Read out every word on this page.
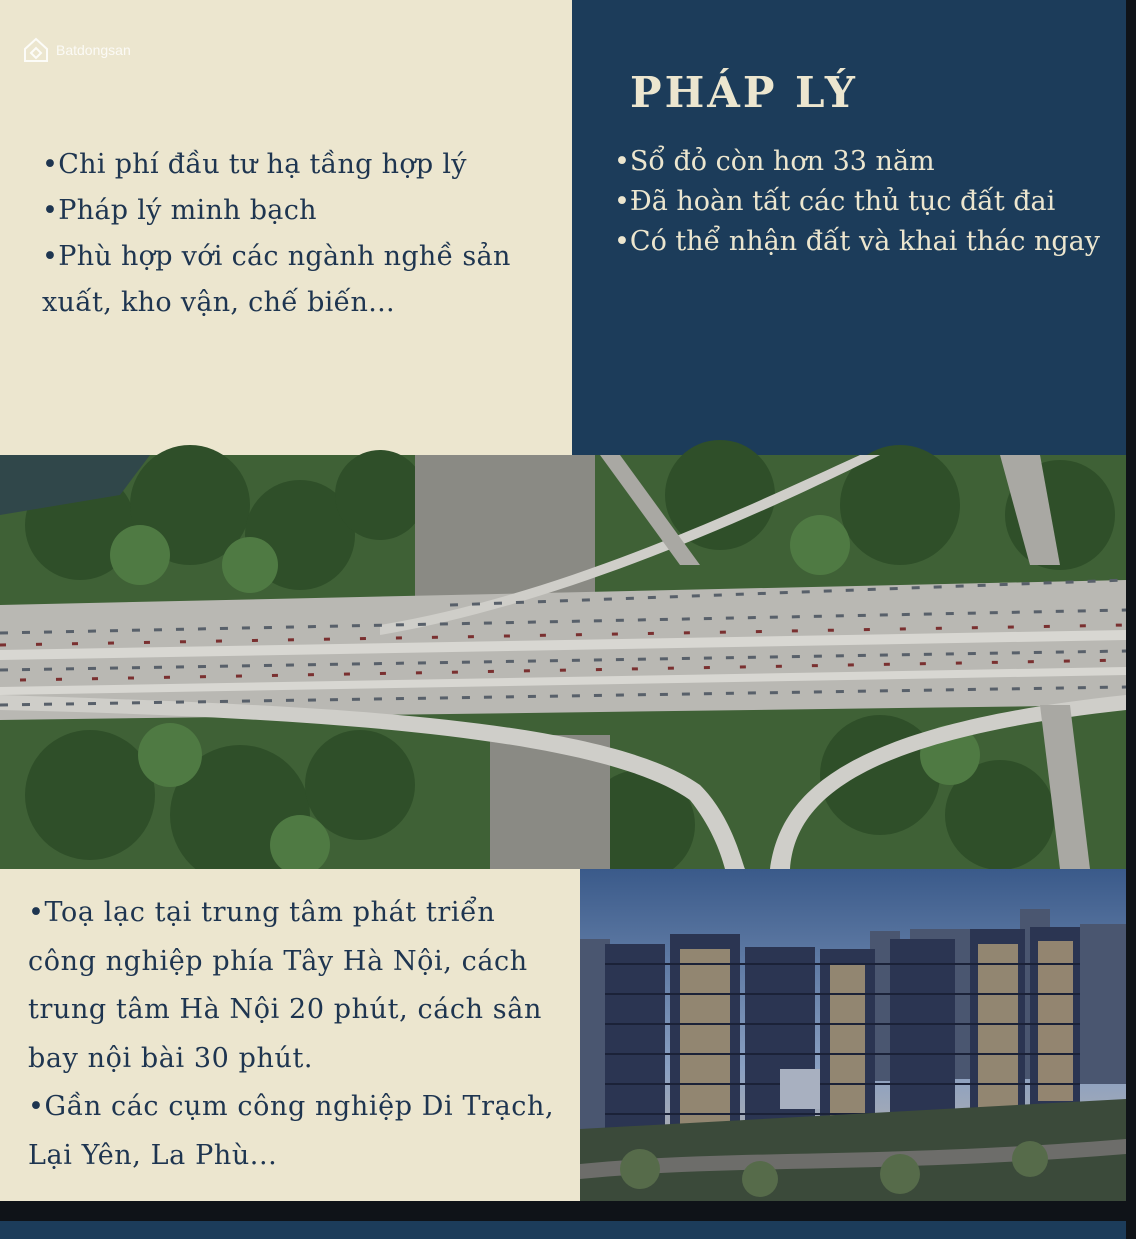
Batdongsan
•Chi phí đầu tư hạ tầng hợp lý
•Pháp lý minh bạch
•Phù hợp với các ngành nghề sản xuất, kho vận, chế biến...
PHÁP LÝ
•Sổ đỏ còn hơn 33 năm
•Đã hoàn tất các thủ tục đất đai
•Có thể nhận đất và khai thác ngay
•Toạ lạc tại trung tâm phát triển công nghiệp phía Tây Hà Nội, cách trung tâm Hà Nội 20 phút, cách sân bay nội bài 30 phút.
•Gần các cụm công nghiệp Di Trạch, Lại Yên, La Phù...
